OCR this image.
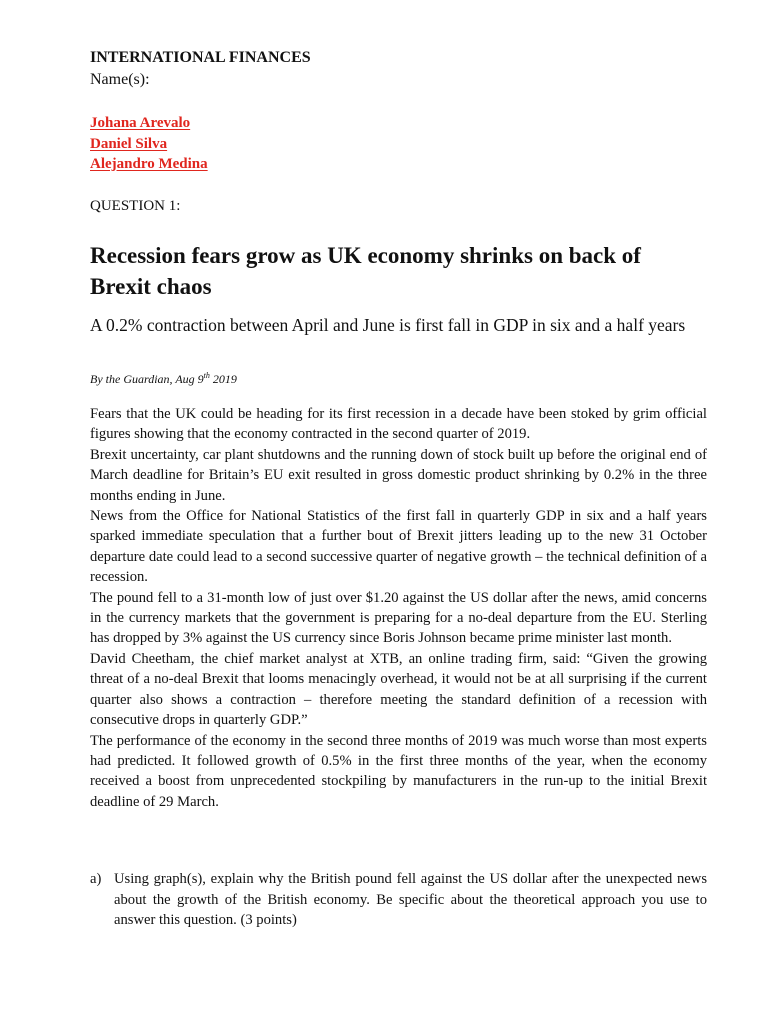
INTERNATIONAL FINANCES
Name(s):
Johana Arevalo
Daniel Silva
Alejandro Medina
QUESTION 1:
Recession fears grow as UK economy shrinks on back of Brexit chaos
A 0.2% contraction between April and June is first fall in GDP in six and a half years
By the Guardian, Aug 9th 2019

Fears that the UK could be heading for its first recession in a decade have been stoked by grim official figures showing that the economy contracted in the second quarter of 2019.

Brexit uncertainty, car plant shutdowns and the running down of stock built up before the original end of March deadline for Britain’s EU exit resulted in gross domestic product shrinking by 0.2% in the three months ending in June.

News from the Office for National Statistics of the first fall in quarterly GDP in six and a half years sparked immediate speculation that a further bout of Brexit jitters leading up to the new 31 October departure date could lead to a second successive quarter of negative growth – the technical definition of a recession.

The pound fell to a 31-month low of just over $1.20 against the US dollar after the news, amid concerns in the currency markets that the government is preparing for a no-deal departure from the EU. Sterling has dropped by 3% against the US currency since Boris Johnson became prime minister last month.

David Cheetham, the chief market analyst at XTB, an online trading firm, said: “Given the growing threat of a no-deal Brexit that looms menacingly overhead, it would not be at all surprising if the current quarter also shows a contraction – therefore meeting the standard definition of a recession with consecutive drops in quarterly GDP.”

The performance of the economy in the second three months of 2019 was much worse than most experts had predicted. It followed growth of 0.5% in the first three months of the year, when the economy received a boost from unprecedented stockpiling by manufacturers in the run-up to the initial Brexit deadline of 29 March.

a) Using graph(s), explain why the British pound fell against the US dollar after the unexpected news about the growth of the British economy. Be specific about the theoretical approach you use to answer this question. (3 points)
